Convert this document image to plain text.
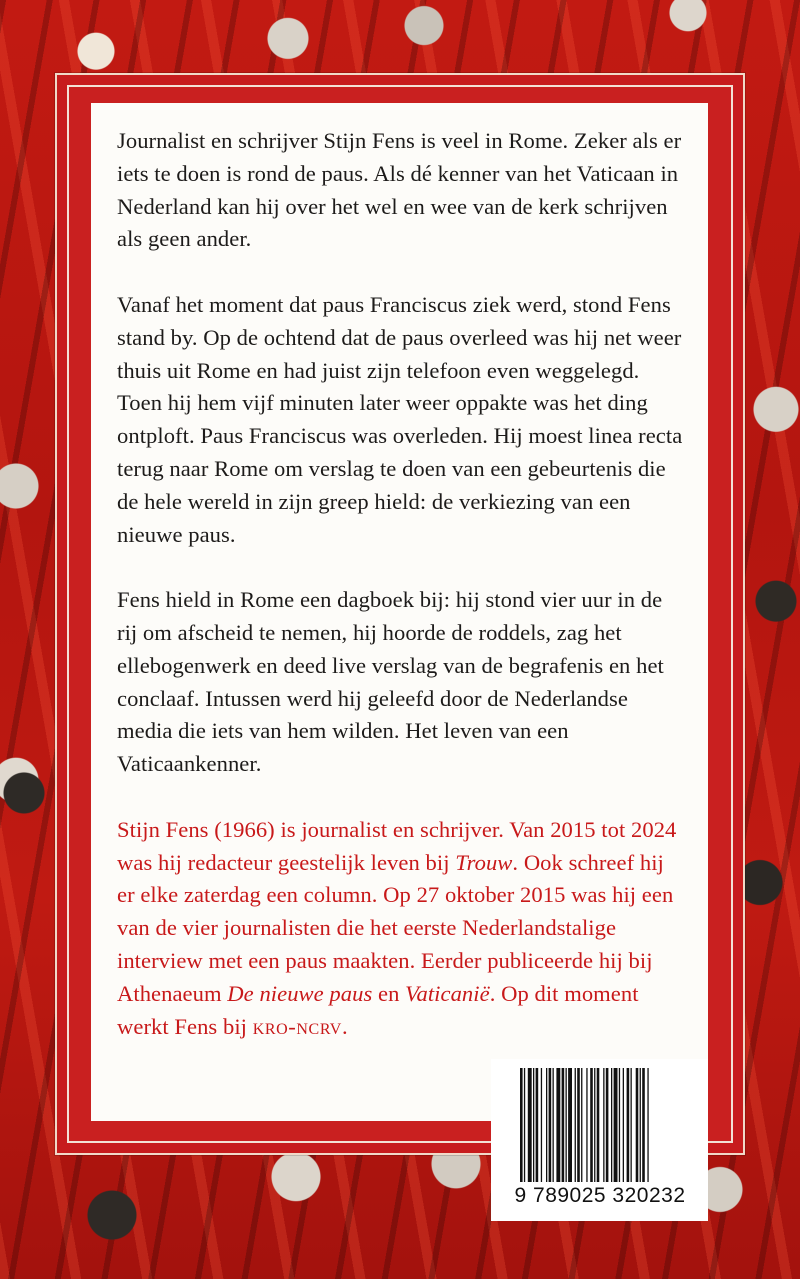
Journalist en schrijver Stijn Fens is veel in Rome. Zeker als er iets te doen is rond de paus. Als dé kenner van het Vaticaan in Nederland kan hij over het wel en wee van de kerk schrijven als geen ander.

Vanaf het moment dat paus Franciscus ziek werd, stond Fens stand by. Op de ochtend dat de paus overleed was hij net weer thuis uit Rome en had juist zijn telefoon even weggelegd. Toen hij hem vijf minuten later weer oppakte was het ding ontploft. Paus Franciscus was overleden. Hij moest linea recta terug naar Rome om verslag te doen van een gebeurtenis die de hele wereld in zijn greep hield: de verkiezing van een nieuwe paus.

Fens hield in Rome een dagboek bij: hij stond vier uur in de rij om afscheid te nemen, hij hoorde de roddels, zag het ellebogenwerk en deed live verslag van de begrafenis en het conclaaf. Intussen werd hij geleefd door de Nederlandse media die iets van hem wilden. Het leven van een Vaticaankenner.

Stijn Fens (1966) is journalist en schrijver. Van 2015 tot 2024 was hij redacteur geestelijk leven bij Trouw. Ook schreef hij er elke zaterdag een column. Op 27 oktober 2015 was hij een van de vier journalisten die het eerste Nederlandstalige interview met een paus maakten. Eerder publiceerde hij bij Athenaeum De nieuwe paus en Vaticanië. Op dit moment werkt Fens bij kro-ncrv.

9 789025 320232
